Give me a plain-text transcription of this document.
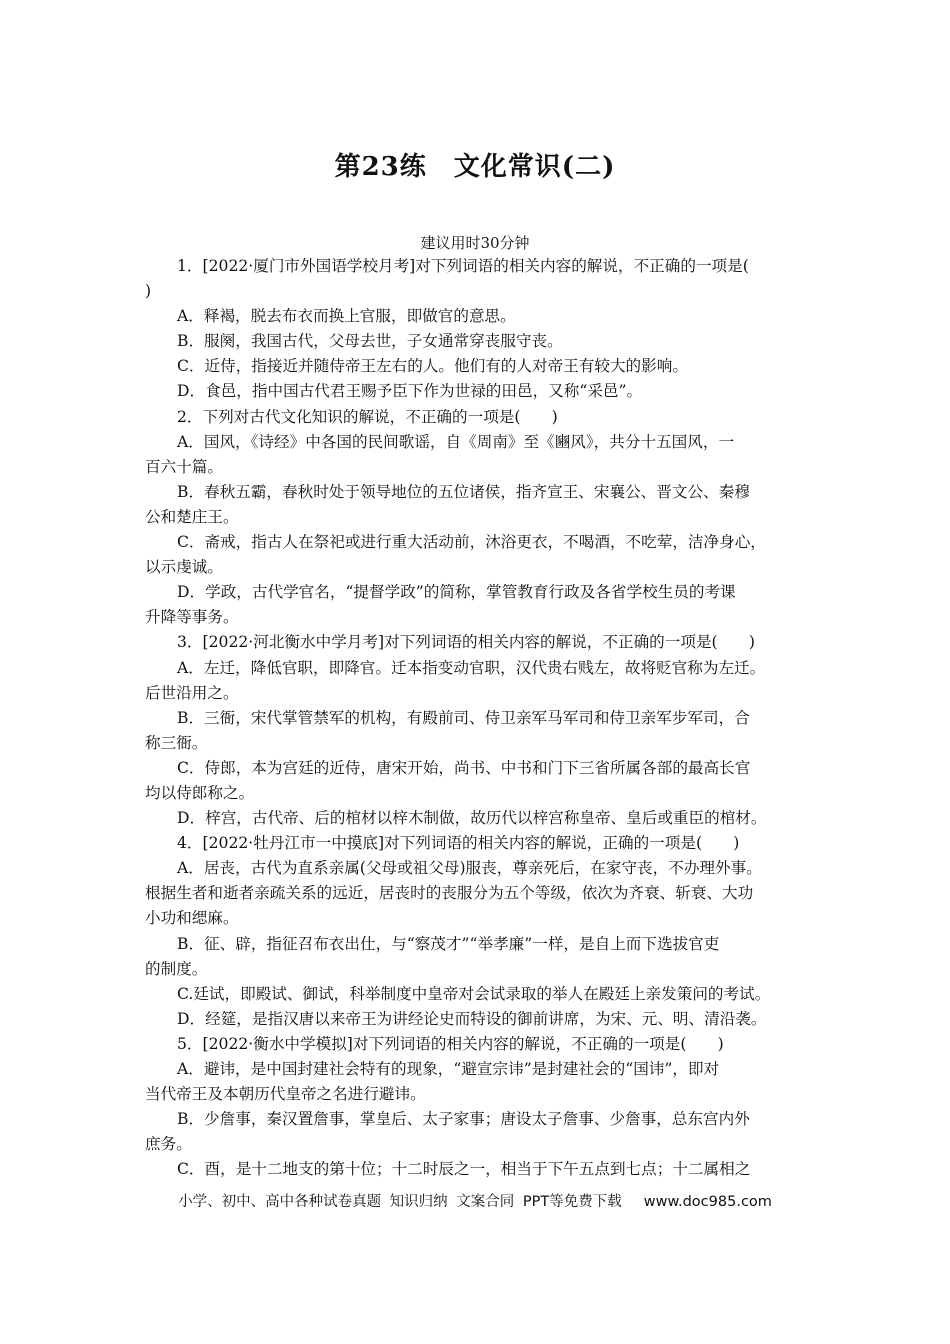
第23练　文化常识(二)
建议用时30分钟

1．[2022·厦门市外国语学校月考]对下列词语的相关内容的解说，不正确的一项是(

)

A．释褐，脱去布衣而换上官服，即做官的意思。

B．服阕，我国古代，父母去世，子女通常穿丧服守丧。

C．近侍，指接近并随侍帝王左右的人。他们有的人对帝王有较大的影响。

D．食邑，指中国古代君王赐予臣下作为世禄的田邑，又称“采邑”。

2．下列对古代文化知识的解说，不正确的一项是(　　)

A．国风，《诗经》中各国的民间歌谣，自《周南》至《豳风》，共分十五国风，一

百六十篇。

B．春秋五霸，春秋时处于领导地位的五位诸侯，指齐宣王、宋襄公、晋文公、秦穆

公和楚庄王。

C．斋戒，指古人在祭祀或进行重大活动前，沐浴更衣，不喝酒，不吃荤，洁净身心，

以示虔诚。

D．学政，古代学官名，“提督学政”的简称，掌管教育行政及各省学校生员的考课

升降等事务。

3．[2022·河北衡水中学月考]对下列词语的相关内容的解说，不正确的一项是(　　)

A．左迁，降低官职，即降官。迁本指变动官职，汉代贵右贱左，故将贬官称为左迁。

后世沿用之。

B．三衙，宋代掌管禁军的机构，有殿前司、侍卫亲军马军司和侍卫亲军步军司，合

称三衙。

C．侍郎，本为宫廷的近侍，唐宋开始，尚书、中书和门下三省所属各部的最高长官

均以侍郎称之。

D．梓宫，古代帝、后的棺材以梓木制做，故历代以梓宫称皇帝、皇后或重臣的棺材。

4．[2022·牡丹江市一中摸底]对下列词语的相关内容的解说，正确的一项是(　　)

A．居丧，古代为直系亲属(父母或祖父母)服丧，尊亲死后，在家守丧，不办理外事。

根据生者和逝者亲疏关系的远近，居丧时的丧服分为五个等级，依次为齐衰、斩衰、大功

小功和缌麻。

B．征、辟，指征召布衣出仕，与“察茂才”“举孝廉”一样，是自上而下选拔官吏

的制度。

C.廷试，即殿试、御试，科举制度中皇帝对会试录取的举人在殿廷上亲发策问的考试。

D．经筵，是指汉唐以来帝王为讲经论史而特设的御前讲席，为宋、元、明、清沿袭。

5．[2022·衡水中学模拟]对下列词语的相关内容的解说，不正确的一项是(　　)

A．避讳，是中国封建社会特有的现象，“避宣宗讳”是封建社会的“国讳”，即对

当代帝王及本朝历代皇帝之名进行避讳。

B．少詹事，秦汉置詹事，掌皇后、太子家事；唐设太子詹事、少詹事，总东宫内外

庶务。

C．酉，是十二地支的第十位；十二时辰之一，相当于下午五点到七点；十二属相之

小学、初中、高中各种试卷真题 知识归纳 文案合同 PPT等免费下载 www.doc985.com
